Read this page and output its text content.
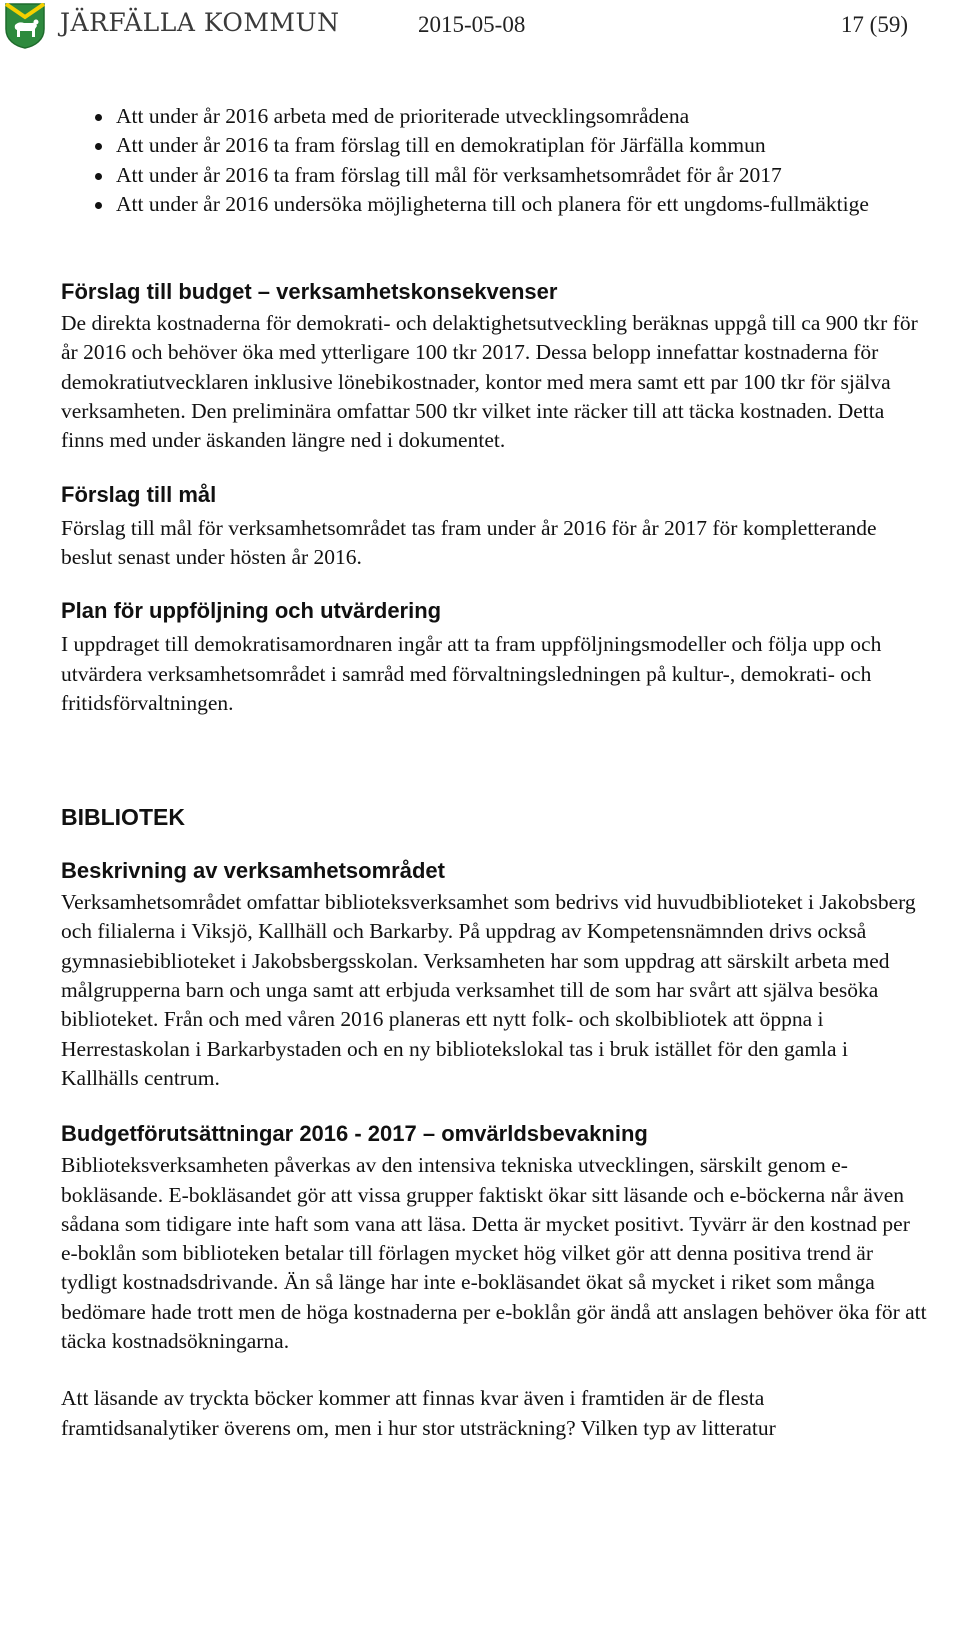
JÄRFÄLLA KOMMUN	2015-05-08	17 (59)
Att under år 2016 arbeta med de prioriterade utvecklingsområdena
Att under år 2016 ta fram förslag till en demokratiplan för Järfälla kommun
Att under år 2016 ta fram förslag till mål för verksamhetsområdet för år 2017
Att under år 2016 undersöka möjligheterna till och planera för ett ungdoms-fullmäktige
Förslag till budget – verksamhetskonsekvenser

De direkta kostnaderna för demokrati- och delaktighetsutveckling beräknas uppgå till ca 900 tkr för år 2016 och behöver öka med ytterligare 100 tkr 2017. Dessa belopp innefattar kostnaderna för demokratiutvecklaren inklusive lönebikostnader, kontor med mera samt ett par 100 tkr för själva verksamheten. Den preliminära omfattar 500 tkr vilket inte räcker till att täcka kostnaden. Detta finns med under äskanden längre ned i dokumentet.

Förslag till mål

Förslag till mål för verksamhetsområdet tas fram under år 2016 för år 2017 för kompletterande beslut senast under hösten år 2016.

Plan för uppföljning och utvärdering

I uppdraget till demokratisamordnaren ingår att ta fram uppföljningsmodeller och följa upp och utvärdera verksamhetsområdet i samråd med förvaltningsledningen på kultur-, demokrati- och fritidsförvaltningen.

BIBLIOTEK
Beskrivning av verksamhetsområdet

Verksamhetsområdet omfattar biblioteksverksamhet som bedrivs vid huvudbiblioteket i Jakobsberg och filialerna i Viksjö, Kallhäll och Barkarby. På uppdrag av Kompetensnämnden drivs också gymnasiebiblioteket i Jakobsbergsskolan. Verksamheten har som uppdrag att särskilt arbeta med målgrupperna barn och unga samt att erbjuda verksamhet till de som har svårt att själva besöka biblioteket. Från och med våren 2016 planeras ett nytt folk- och skolbibliotek att öppna i Herrestaskolan i Barkarbystaden och en ny bibliotekslokal tas i bruk istället för den gamla i Kallhälls centrum.

Budgetförutsättningar 2016 - 2017 – omvärldsbevakning

Biblioteksverksamheten påverkas av den intensiva tekniska utvecklingen, särskilt genom e-bokläsande. E-bokläsandet gör att vissa grupper faktiskt ökar sitt läsande och e-böckerna når även sådana som tidigare inte haft som vana att läsa. Detta är mycket positivt. Tyvärr är den kostnad per e-boklån som biblioteken betalar till förlagen mycket hög vilket gör att denna positiva trend är tydligt kostnadsdrivande. Än så länge har inte e-bokläsandet ökat så mycket i riket som många bedömare hade trott men de höga kostnaderna per e-boklån gör ändå att anslagen behöver öka för att täcka kostnadsökningarna.

Att läsande av tryckta böcker kommer att finnas kvar även i framtiden är de flesta framtidsanalytiker överens om, men i hur stor utsträckning? Vilken typ av litteratur
